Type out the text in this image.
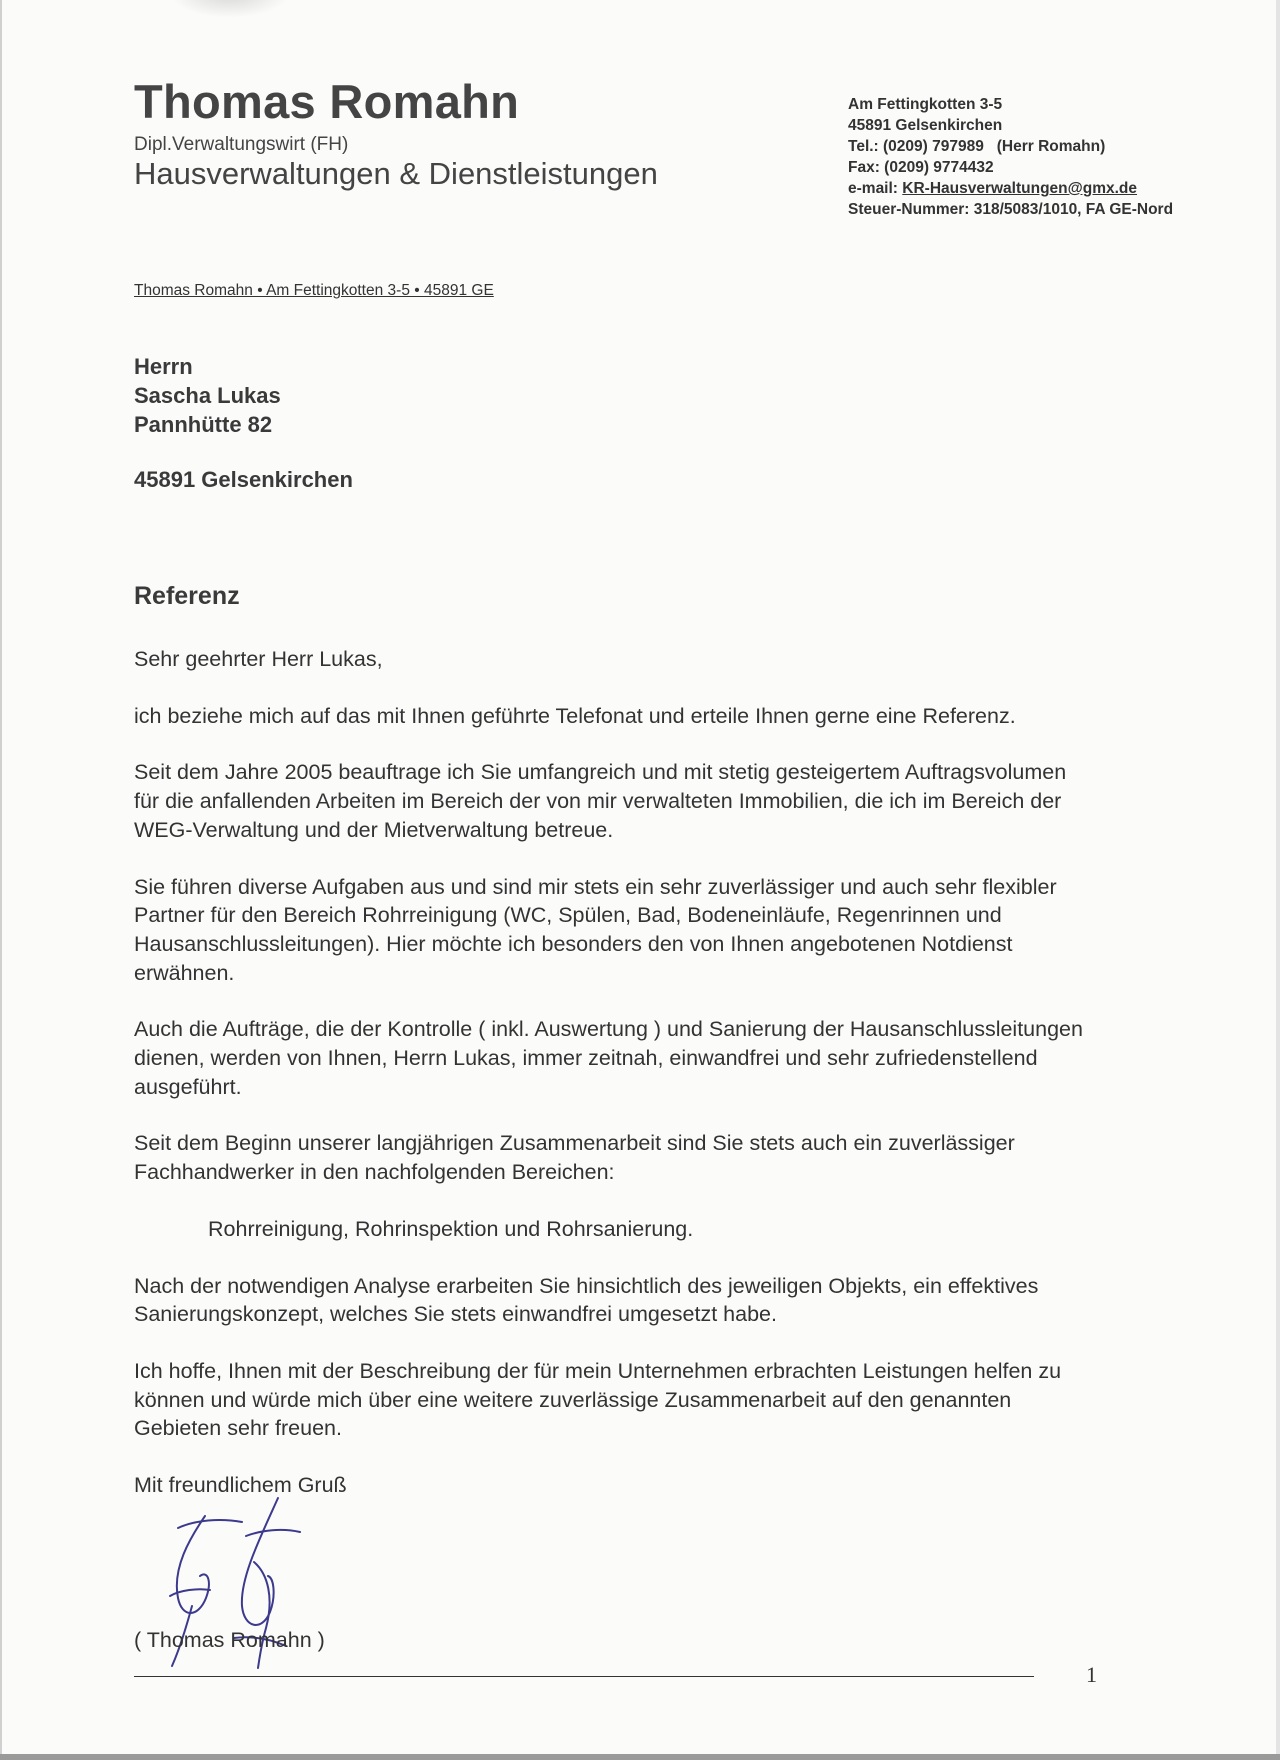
Thomas Romahn
Dipl.Verwaltungswirt (FH)
Hausverwaltungen & Dienstleistungen
Am Fettingkotten 3-5
45891 Gelsenkirchen
Tel.: (0209) 797989   (Herr Romahn)
Fax: (0209) 9774432
e-mail: KR-Hausverwaltungen@gmx.de
Steuer-Nummer: 318/5083/1010, FA GE-Nord
Thomas Romahn • Am Fettingkotten 3-5 • 45891 GE
Herrn
Sascha Lukas
Pannhütte 82
45891 Gelsenkirchen
Referenz

Sehr geehrter Herr Lukas,

ich beziehe mich auf das mit Ihnen geführte Telefonat und erteile Ihnen gerne eine Referenz.

Seit dem Jahre 2005 beauftrage ich Sie umfangreich und mit stetig gesteigertem Auftragsvolumen für die anfallenden Arbeiten im Bereich der von mir verwalteten Immobilien, die ich im Bereich der WEG-Verwaltung und der Mietverwaltung betreue.

Sie führen diverse Aufgaben aus und sind mir stets ein sehr zuverlässiger und auch sehr flexibler  Partner für den Bereich Rohrreinigung (WC, Spülen, Bad, Bodeneinläufe, Regenrinnen und Hausanschlussleitungen). Hier möchte ich besonders den von Ihnen angebotenen Notdienst erwähnen.

Auch die Aufträge, die der Kontrolle ( inkl. Auswertung ) und Sanierung der Hausanschlussleitungen dienen, werden von Ihnen, Herrn Lukas, immer zeitnah, einwandfrei und sehr zufriedenstellend ausgeführt.

Seit dem Beginn unserer langjährigen Zusammenarbeit sind Sie stets auch ein zuverlässiger Fachhandwerker in den nachfolgenden Bereichen:

Rohrreinigung, Rohrinspektion und Rohrsanierung.

Nach der notwendigen Analyse erarbeiten Sie hinsichtlich des jeweiligen Objekts, ein effektives Sanierungskonzept, welches Sie stets einwandfrei umgesetzt habe.

Ich hoffe, Ihnen mit der Beschreibung der für mein Unternehmen erbrachten Leistungen helfen zu können und würde mich über eine weitere zuverlässige Zusammenarbeit auf den genannten Gebieten sehr freuen.

Mit freundlichem Gruß

( Thomas Romahn )
1
